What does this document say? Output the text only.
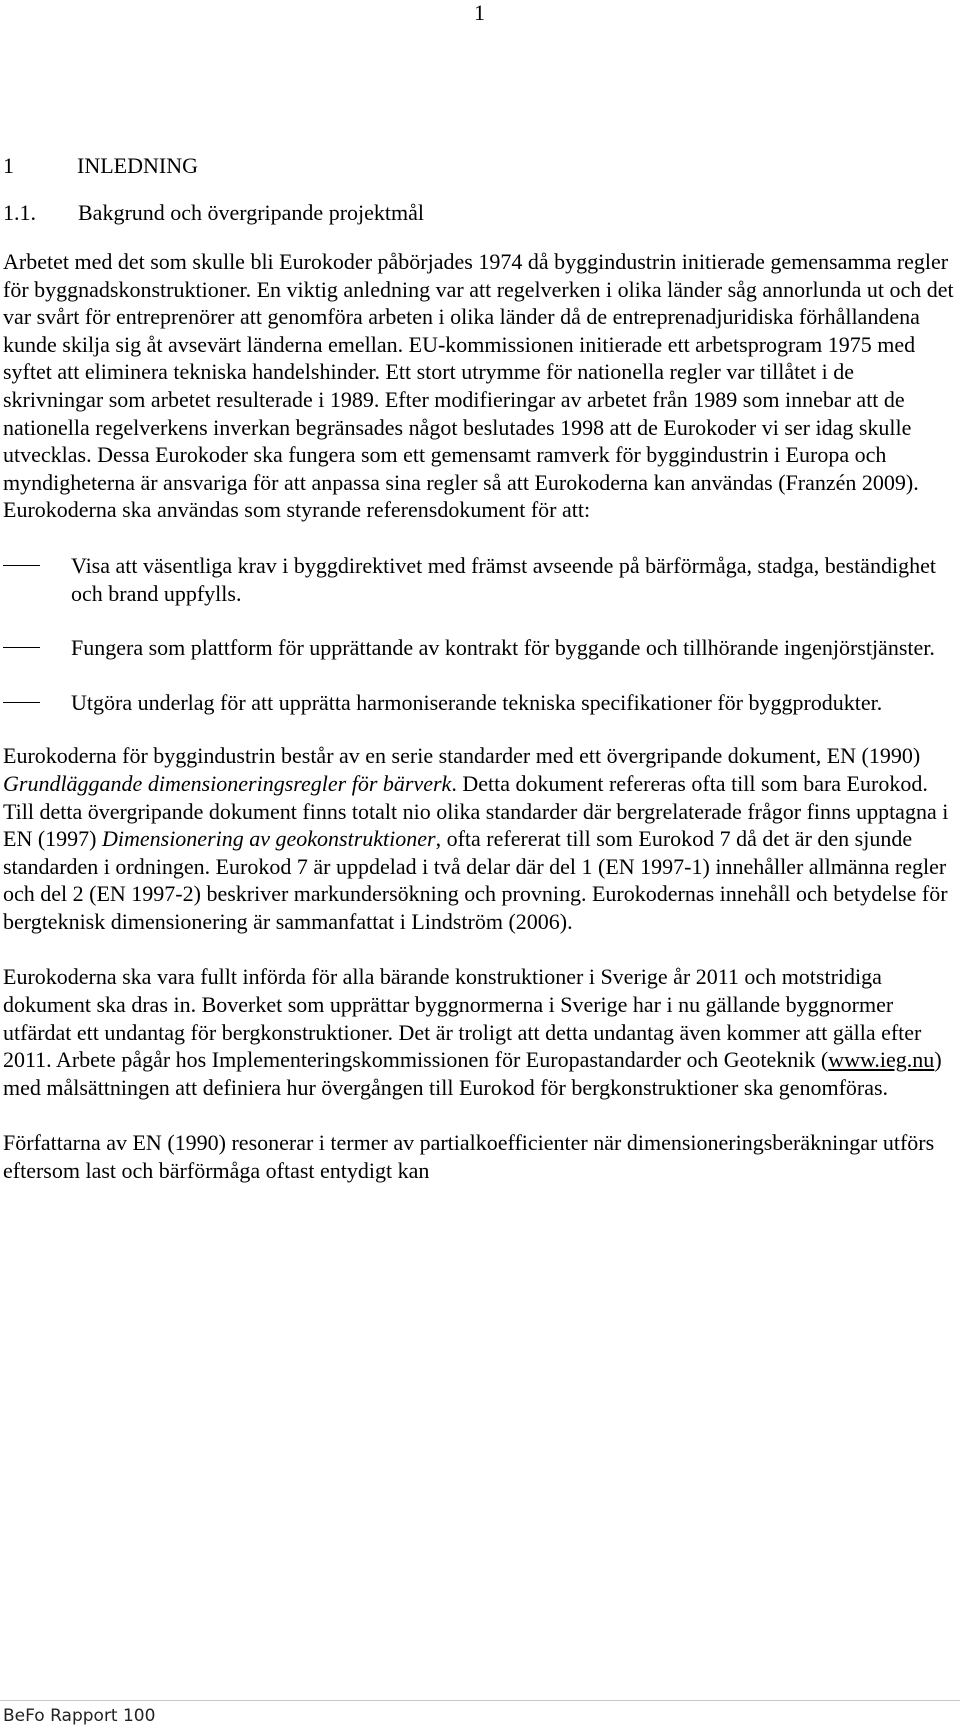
1
1	INLEDNING
1.1. Bakgrund och övergripande projektmål

Arbetet med det som skulle bli Eurokoder påbörjades 1974 då byggindustrin initierade gemensamma regler för byggnadskonstruktioner. En viktig anledning var att regelverken i olika länder såg annorlunda ut och det var svårt för entreprenörer att genomföra arbeten i olika länder då de entreprenadjuridiska förhållandena kunde skilja sig åt avsevärt länderna emellan. EU-kommissionen initierade ett arbetsprogram 1975 med syftet att eliminera tekniska handelshinder. Ett stort utrymme för nationella regler var tillåtet i de skrivningar som arbetet resulterade i 1989. Efter modifieringar av arbetet från 1989 som innebar att de nationella regelverkens inverkan begränsades något beslutades 1998 att de Eurokoder vi ser idag skulle utvecklas. Dessa Eurokoder ska fungera som ett gemensamt ramverk för byggindustrin i Europa och myndigheterna är ansvariga för att anpassa sina regler så att Eurokoderna kan användas (Franzén 2009). Eurokoderna ska användas som styrande referensdokument för att:

Visa att väsentliga krav i byggdirektivet med främst avseende på bärförmåga, stadga, beständighet och brand uppfylls.
Fungera som plattform för upprättande av kontrakt för byggande och tillhörande ingenjörstjänster.
Utgöra underlag för att upprätta harmoniserande tekniska specifikationer för byggprodukter.

Eurokoderna för byggindustrin består av en serie standarder med ett övergripande dokument, EN (1990) Grundläggande dimensioneringsregler för bärverk. Detta dokument refereras ofta till som bara Eurokod. Till detta övergripande dokument finns totalt nio olika standarder där bergrelaterade frågor finns upptagna i EN (1997) Dimensionering av geokonstruktioner, ofta refererat till som Eurokod 7 då det är den sjunde standarden i ordningen. Eurokod 7 är uppdelad i två delar där del 1 (EN 1997-1) innehåller allmänna regler och del 2 (EN 1997-2) beskriver markundersökning och provning. Eurokodernas innehåll och betydelse för bergteknisk dimensionering är sammanfattat i Lindström (2006).

Eurokoderna ska vara fullt införda för alla bärande konstruktioner i Sverige år 2011 och motstridiga dokument ska dras in. Boverket som upprättar byggnormerna i Sverige har i nu gällande byggnormer utfärdat ett undantag för bergkonstruktioner. Det är troligt att detta undantag även kommer att gälla efter 2011. Arbete pågår hos Implementeringskommissionen för Europastandarder och Geoteknik (www.ieg.nu) med målsättningen att definiera hur övergången till Eurokod för bergkonstruktioner ska genomföras.

Författarna av EN (1990) resonerar i termer av partialkoefficienter när dimensioneringsberäkningar utförs eftersom last och bärförmåga oftast entydigt kan

BeFo Rapport 100
